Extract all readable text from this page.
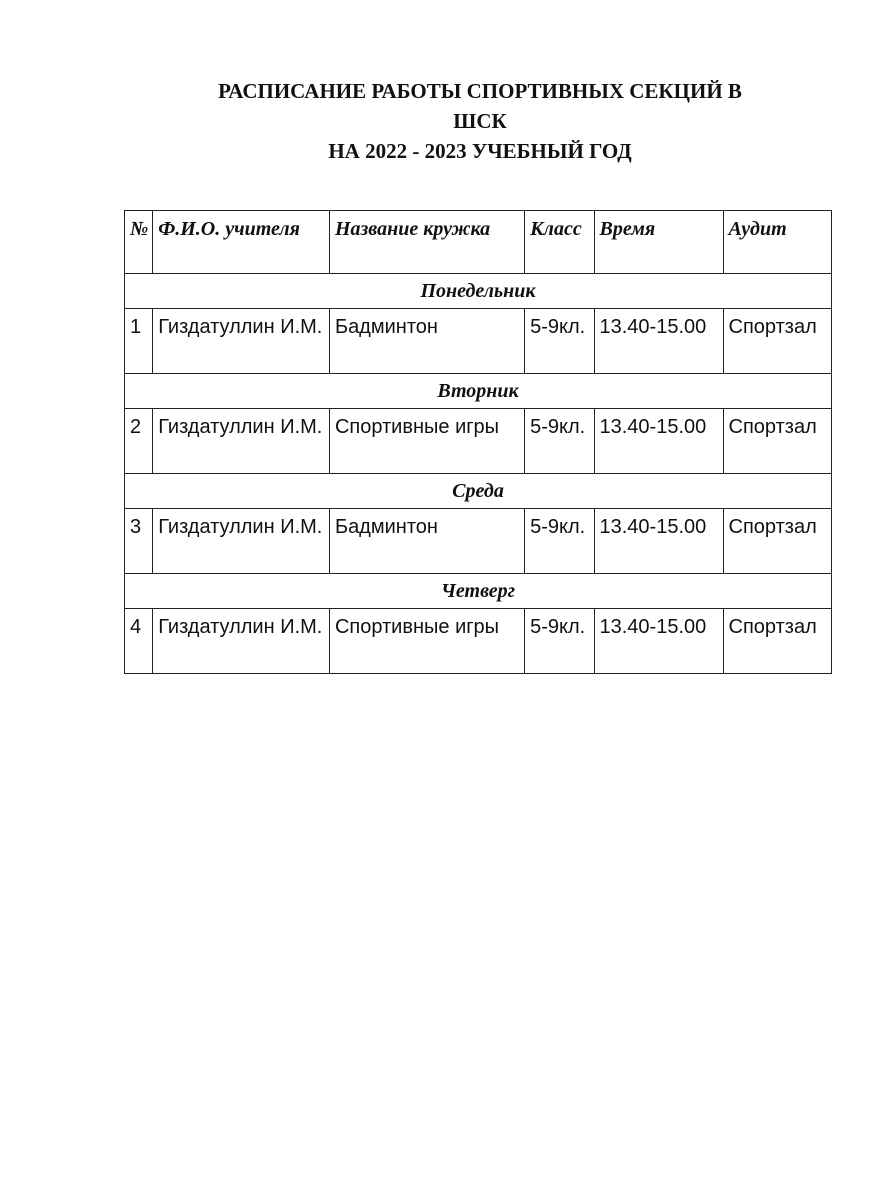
РАСПИСАНИЕ РАБОТЫ СПОРТИВНЫХ СЕКЦИЙ В
ШСК
НА 2022 - 2023 УЧЕБНЫЙ ГОД
№	Ф.И.О. учителя	Название кружка	Класс	Время	Аудит
Понедельник					
1	Гиздатуллин И.М.	Бадминтон	5-9кл.	13.40-15.00	Спортзал
Вторник					
2	Гиздатуллин И.М.	Спортивные игры	5-9кл.	13.40-15.00	Спортзал
Среда					
3	Гиздатуллин И.М.	Бадминтон	5-9кл.	13.40-15.00	Спортзал
Четверг					
4	Гиздатуллин И.М.	Спортивные игры	5-9кл.	13.40-15.00	Спортзал
